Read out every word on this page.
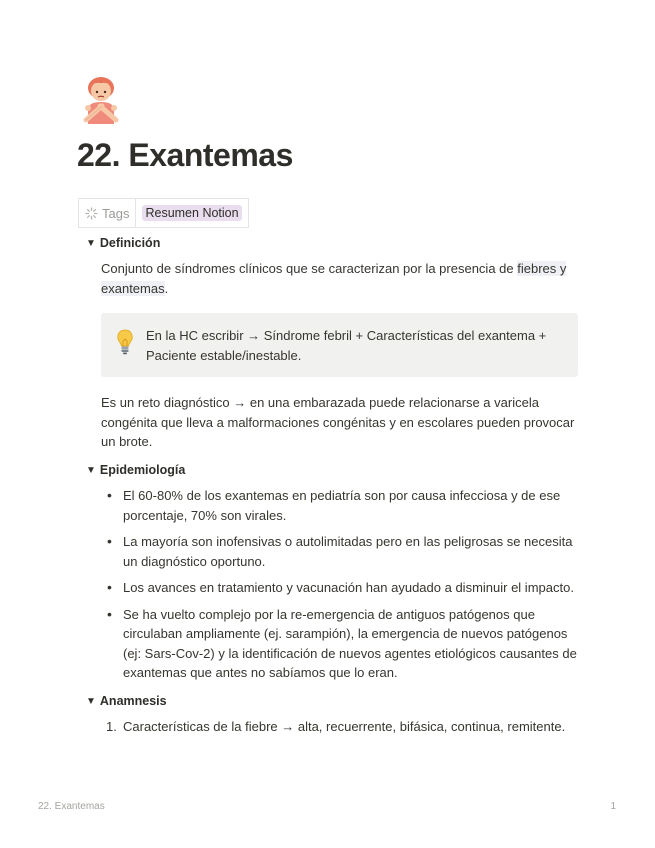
22. Exantemas
Tags Resumen Notion
▼ Definición
Conjunto de síndromes clínicos que se caracterizan por la presencia de fiebres y exantemas.
En la HC escribir → Síndrome febril + Características del exantema +
Paciente estable/inestable.
Es un reto diagnóstico → en una embarazada puede relacionarse a varicela congénita que lleva a malformaciones congénitas y en escolares pueden provocar un brote.
▼ Epidemiología
• El 60-80% de los exantemas en pediatría son por causa infecciosa y de ese porcentaje, 70% son virales.
• La mayoría son inofensivas o autolimitadas pero en las peligrosas se necesita un diagnóstico oportuno.
• Los avances en tratamiento y vacunación han ayudado a disminuir el impacto.
• Se ha vuelto complejo por la re-emergencia de antiguos patógenos que circulaban ampliamente (ej. sarampión), la emergencia de nuevos patógenos (ej: Sars-Cov-2) y la identificación de nuevos agentes etiológicos causantes de exantemas que antes no sabíamos que lo eran.
▼ Anamnesis
1. Características de la fiebre → alta, recuerrente, bifásica, continua, remitente.
22. Exantemas	1
